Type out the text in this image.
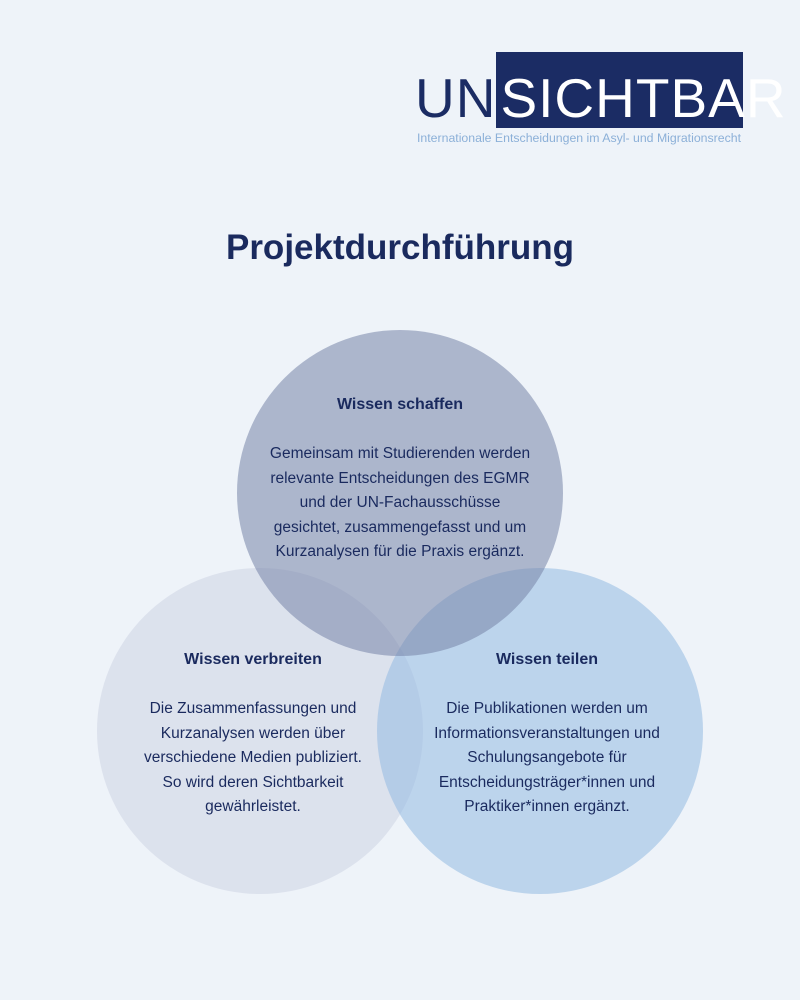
UN SICHTBAR
Internationale Entscheidungen im Asyl- und Migrationsrecht
Projektdurchführung
Wissen schaffen
Gemeinsam mit Studierenden werden
relevante Entscheidungen des EGMR
und der UN-Fachausschüsse
gesichtet, zusammengefasst und um
Kurzanalysen für die Praxis ergänzt.
Wissen verbreiten
Die Zusammenfassungen und
Kurzanalysen werden über
verschiedene Medien publiziert.
So wird deren Sichtbarkeit
gewährleistet.
Wissen teilen
Die Publikationen werden um
Informationsveranstaltungen und
Schulungsangebote für
Entscheidungsträger*innen und
Praktiker*innen ergänzt.
